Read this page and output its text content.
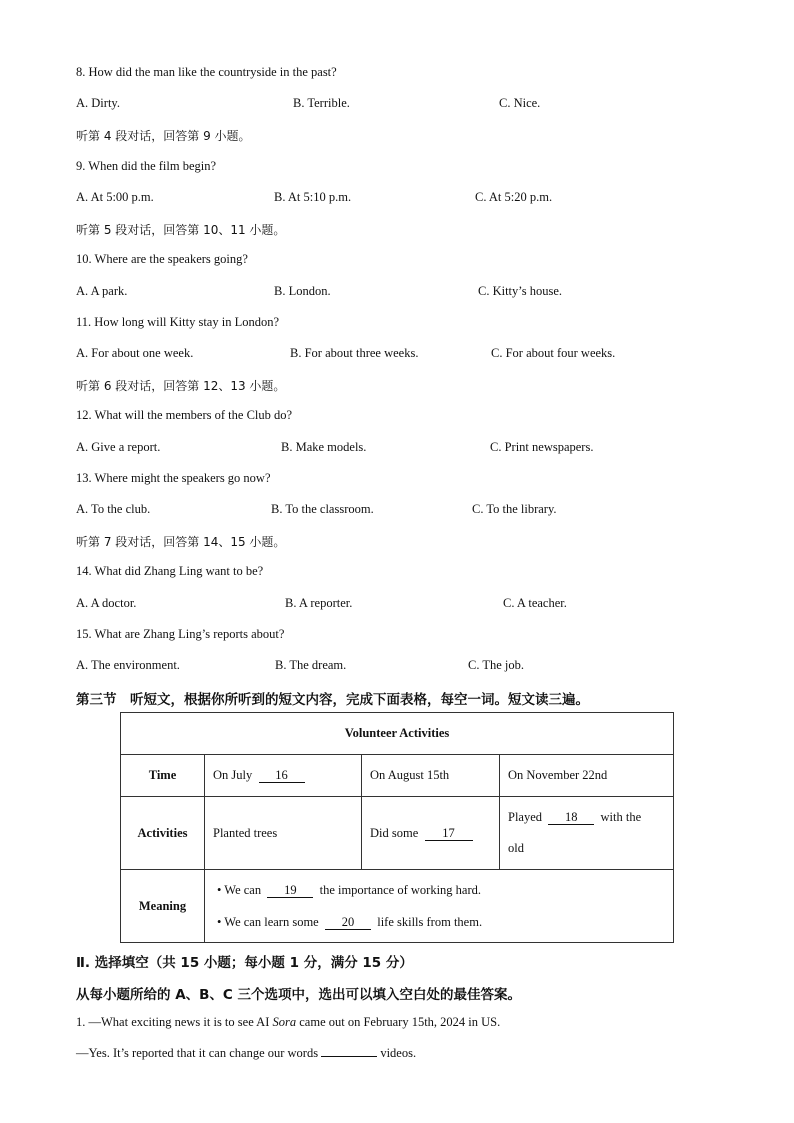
8. How did the man like the countryside in the past?
A. Dirty.	B. Terrible.	C. Nice.
听第 4 段对话，回答第 9 小题。
9. When did the film begin?
A. At 5:00 p.m.	B. At 5:10 p.m.	C. At 5:20 p.m.
听第 5 段对话，回答第 10、11 小题。
10. Where are the speakers going?
A. A park.	B. London.	C. Kitty’s house.
11. How long will Kitty stay in London?
A. For about one week.	B. For about three weeks.	C. For about four weeks.
听第 6 段对话，回答第 12、13 小题。
12. What will the members of the Club do?
A. Give a report.	B. Make models.	C. Print newspapers.
13. Where might the speakers go now?
A. To the club.	B. To the classroom.	C. To the library.
听第 7 段对话，回答第 14、15 小题。
14. What did Zhang Ling want to be?
A. A doctor.	B. A reporter.	C. A teacher.
15. What are Zhang Ling’s reports about?
A. The environment.	B. The dream.	C. The job.
第三节　听短文，根据你所听到的短文内容，完成下面表格，每空一词。短文读三遍。
Volunteer Activities			
Time	On July 16	On August 15th	On November 22nd
Activities	Planted trees	Did some 17	Played 18 with the
old
Meaning	• We can 19 the importance of working hard.
• We can learn some 20 life skills from them.		
Ⅱ. 选择填空（共 15 小题；每小题 1 分，满分 15 分）
从每小题所给的 A、B、C 三个选项中，选出可以填入空白处的最佳答案。
1. —What exciting news it is to see AI Sora came out on February 15th, 2024 in US.
—Yes. It’s reported that it can change our words	videos.
